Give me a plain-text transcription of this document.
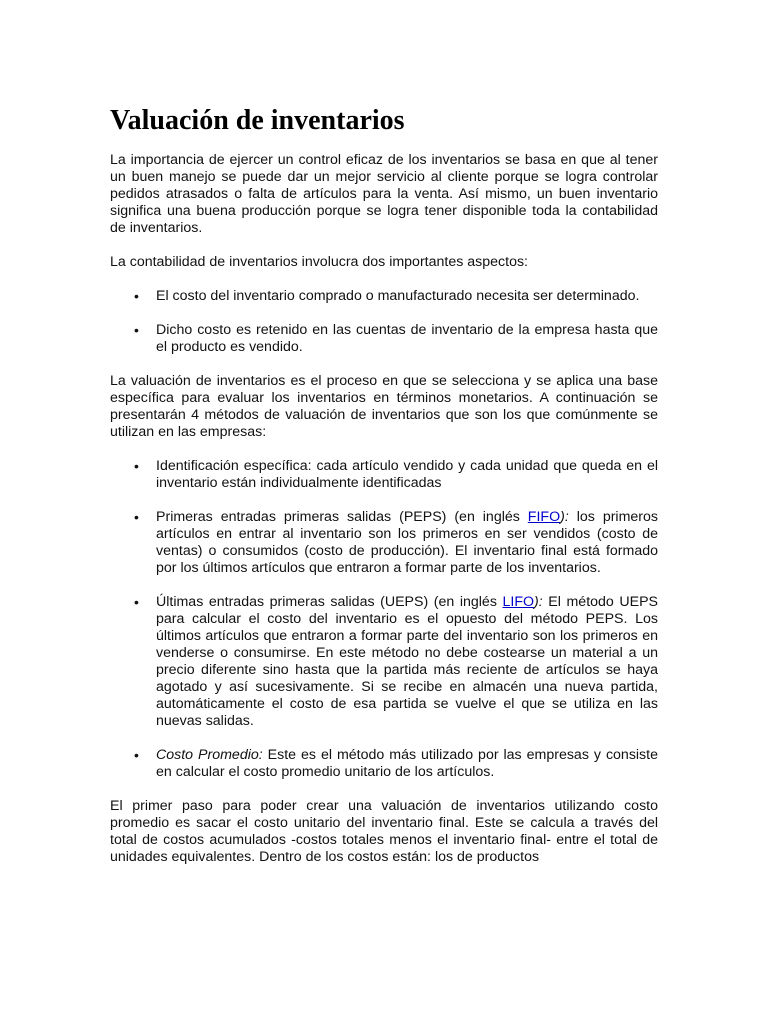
Valuación de inventarios

La importancia de ejercer un control eficaz de los inventarios se basa en que al tener un buen manejo se puede dar un mejor servicio al cliente porque se logra controlar pedidos atrasados o falta de artículos para la venta. Así mismo, un buen inventario significa una buena producción porque se logra tener disponible toda la contabilidad de inventarios.

La contabilidad de inventarios involucra dos importantes aspectos:

• El costo del inventario comprado o manufacturado necesita ser determinado.
• Dicho costo es retenido en las cuentas de inventario de la empresa hasta que el producto es vendido.

La valuación de inventarios es el proceso en que se selecciona y se aplica una base específica para evaluar los inventarios en términos monetarios. A continuación se presentarán 4 métodos de valuación de inventarios que son los que comúnmente se utilizan en las empresas:

• Identificación específica: cada artículo vendido y cada unidad que queda en el inventario están individualmente identificadas
• Primeras entradas primeras salidas (PEPS) (en inglés FIFO): los primeros artículos en entrar al inventario son los primeros en ser vendidos (costo de ventas) o consumidos (costo de producción). El inventario final está formado por los últimos artículos que entraron a formar parte de los inventarios.
• Últimas entradas primeras salidas (UEPS) (en inglés LIFO): El método UEPS para calcular el costo del inventario es el opuesto del método PEPS. Los últimos artículos que entraron a formar parte del inventario son los primeros en venderse o consumirse. En este método no debe costearse un material a un precio diferente sino hasta que la partida más reciente de artículos se haya agotado y así sucesivamente. Si se recibe en almacén una nueva partida, automáticamente el costo de esa partida se vuelve el que se utiliza en las nuevas salidas.
• Costo Promedio: Este es el método más utilizado por las empresas y consiste en calcular el costo promedio unitario de los artículos.

El primer paso para poder crear una valuación de inventarios utilizando costo promedio es sacar el costo unitario del inventario final. Este se calcula a través del total de costos acumulados -costos totales menos el inventario final- entre el total de unidades equivalentes. Dentro de los costos están: los de productos
